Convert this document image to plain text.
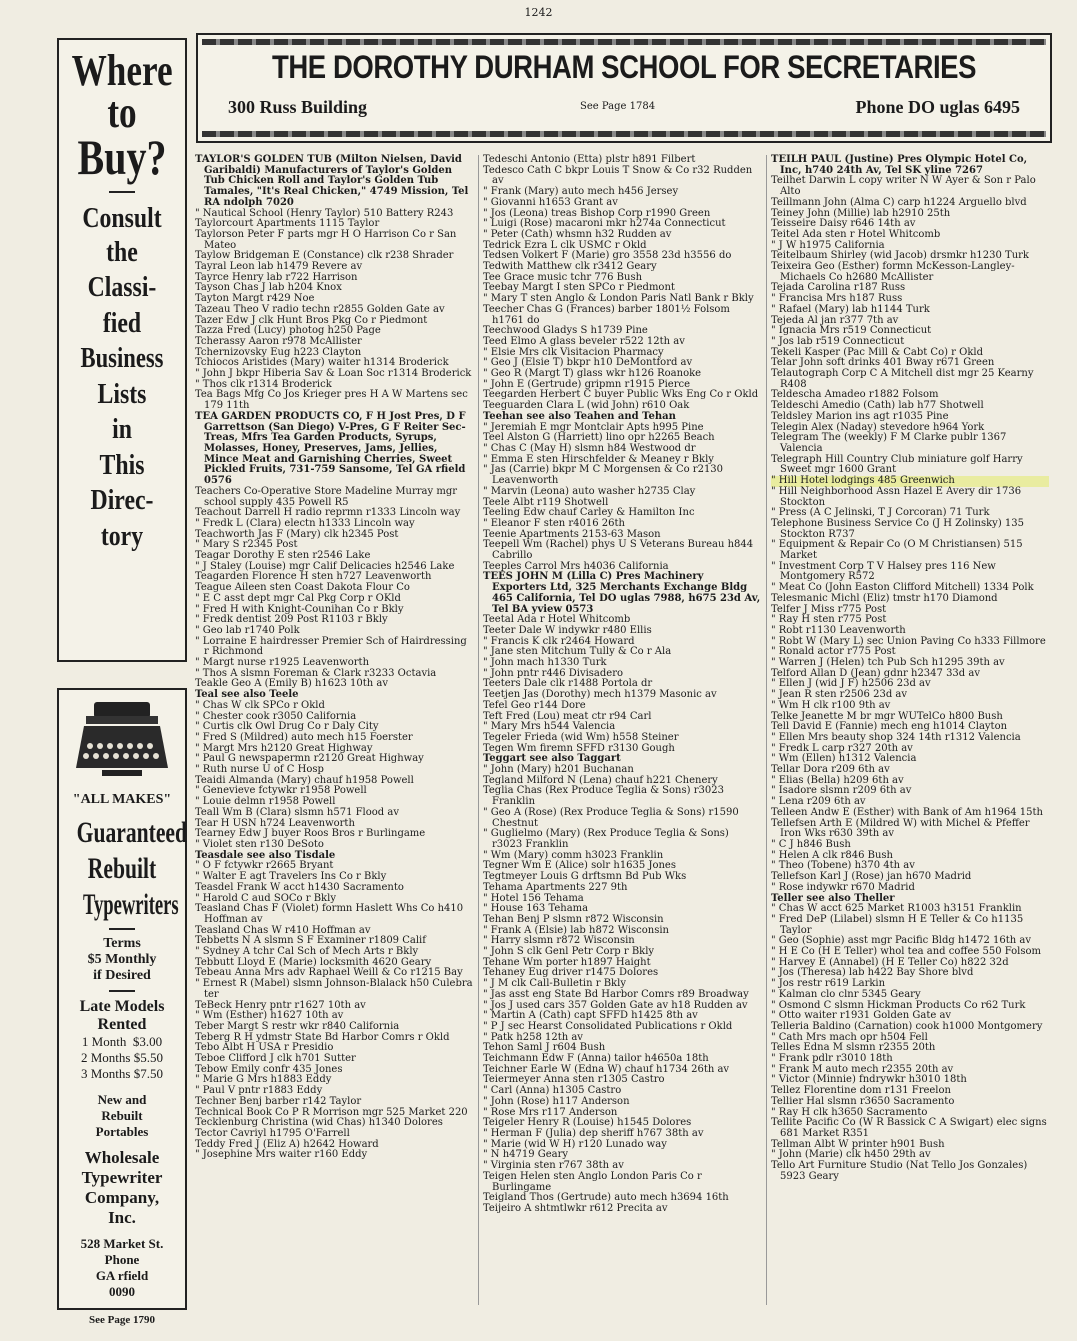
1242
Where
to
Buy?
Consult
the
Classi-
fied
Business
Lists
in
This
Direc-
tory
"ALL MAKES"
Guaranteed
Rebuilt
Typewriters
Terms
$5 Monthly
if Desired
Late Models
Rented
1 Month  $3.00
2 Months $5.50
3 Months $7.50
New and
Rebuilt
Portables
Wholesale
Typewriter
Company,
Inc.
528 Market St.
Phone
GA rfield
0090
See Page 1790
THE DOROTHY DURHAM SCHOOL FOR SECRETARIES
300 Russ Building	See Page 1784	Phone DO uglas 6495
TAYLOR'S GOLDEN TUB (Milton Nielsen, David Garibaldi) Manufacturers of Taylor's Golden Tub Chicken Roll and Taylor's Golden Tub Tamales, "It's Real Chicken," 4749 Mission, Tel RA ndolph 7020
" Nautical School (Henry Taylor) 510 Battery R243
Taylorcourt Apartments 1115 Taylor
Taylorson Peter F parts mgr H O Harrison Co r San Mateo
Taylow Bridgeman E (Constance) clk r238 Shrader
Tayral Leon lab h1479 Revere av
Tayrce Henry lab r722 Harrison
Tayson Chas J lab h204 Knox
Tayton Margt r429 Noe
Tazeau Theo V radio techn r2855 Golden Gate av
Tazer Edw J clk Hunt Bros Pkg Co r Piedmont
Tazza Fred (Lucy) photog h250 Page
Tcherassy Aaron r978 McAllister
Tchernizovsky Eug h223 Clayton
Tchiocos Aristides (Mary) waiter h1314 Broderick
" John J bkpr Hiberia Sav & Loan Soc r1314 Broderick
" Thos clk r1314 Broderick
Tea Bags Mfg Co Jos Krieger pres H A W Martens sec 179 11th
TEA GARDEN PRODUCTS CO, F H Jost Pres, D F Garrettson (San Diego) V-Pres, G F Reiter Sec-Treas, Mfrs Tea Garden Products, Syrups, Molasses, Honey, Preserves, Jams, Jellies, Mince Meat and Garnishing Cherries, Sweet Pickled Fruits, 731-759 Sansome, Tel GA rfield 0576
Teachers Co-Operative Store Madeline Murray mgr school supply 435 Powell R5
Teachout Darrell H radio reprmn r1333 Lincoln way
" Fredk L (Clara) electn h1333 Lincoln way
Teachworth Jas F (Mary) clk h2345 Post
" Mary S r2345 Post
Teagar Dorothy E sten r2546 Lake
" J Staley (Louise) mgr Calif Delicacies h2546 Lake
Teagarden Florence H sten h727 Leavenworth
Teague Aileen sten Coast Dakota Flour Co
" E C asst dept mgr Cal Pkg Corp r OKld
" Fred H with Knight-Counihan Co r Bkly
" Fredk dentist 209 Post R1103 r Bkly
" Geo lab r1740 Polk
" Lorraine E hairdresser Premier Sch of Hairdressing r Richmond
" Margt nurse r1925 Leavenworth
" Thos A slsmn Foreman & Clark r3233 Octavia
Teakle Geo A (Emily B) h1623 10th av
Teal see also Teele
" Chas W clk SPCo r Okld
" Chester cook r3050 California
" Curtis clk Owl Drug Co r Daly City
" Fred S (Mildred) auto mech h15 Foerster
" Margt Mrs h2120 Great Highway
" Paul G newspapermn r2120 Great Highway
" Ruth nurse U of C Hosp
Teaidi Almanda (Mary) chauf h1958 Powell
" Genevieve fctywkr r1958 Powell
" Louie delmn r1958 Powell
Teall Wm B (Clara) slsmn h571 Flood av
Tear H USN h724 Leavenworth
Tearney Edw J buyer Roos Bros r Burlingame
" Violet sten r130 DeSoto
Teasdale see also Tisdale
" O F fctywkr r2665 Bryant
" Walter E agt Travelers Ins Co r Bkly
Teasdel Frank W acct h1430 Sacramento
" Harold C aud SOCo r Bkly
Teasland Chas F (Violet) formn Haslett Whs Co h410 Hoffman av
Teasland Chas W r410 Hoffman av
Tebbetts N A slsmn S F Examiner r1809 Calif
" Sydney A tchr Cal Sch of Mech Arts r Bkly
Tebbutt Lloyd E (Marie) locksmith 4620 Geary
Tebeau Anna Mrs adv Raphael Weill & Co r1215 Bay
" Ernest R (Mabel) slsmn Johnson-Blalack h50 Culebra ter
TeBeck Henry pntr r1627 10th av
" Wm (Esther) h1627 10th av
Teber Margt S restr wkr r840 California
Teberg R H ydmstr State Bd Harbor Comrs r Okld
Tebo Albt H USA r Presidio
Teboe Clifford J clk h701 Sutter
Tebow Emily confr 435 Jones
" Marie G Mrs h1883 Eddy
" Paul V pntr r1883 Eddy
Techner Benj barber r142 Taylor
Technical Book Co P R Morrison mgr 525 Market 220
Tecklenburg Christina (wid Chas) h1340 Dolores
Tector Cavriyl h1795 O'Farrell
Teddy Fred J (Eliz A) h2642 Howard
" Josephine Mrs waiter r160 Eddy
Tedeschi Antonio (Etta) plstr h891 Filbert
Tedesco Cath C bkpr Louis T Snow & Co r32 Rudden av
" Frank (Mary) auto mech h456 Jersey
" Giovanni h1653 Grant av
" Jos (Leona) treas Bishop Corp r1990 Green
" Luigi (Rose) macaroni mkr h274a Connecticut
" Peter (Cath) whsmn h32 Rudden av
Tedrick Ezra L clk USMC r Okld
Tedsen Volkert F (Marie) gro 3558 23d h3556 do
Tedwith Matthew clk r3412 Geary
Tee Grace music tchr 776 Bush
Teebay Margt I sten SPCo r Piedmont
" Mary T sten Anglo & London Paris Natl Bank r Bkly
Teecher Chas G (Frances) barber 1801½ Folsom h1761 do
Teechwood Gladys S h1739 Pine
Teed Elmo A glass beveler r522 12th av
" Elsie Mrs clk Visitacion Pharmacy
" Geo J (Elsie T) bkpr h10 DeMontford av
" Geo R (Margt T) glass wkr h126 Roanoke
" John E (Gertrude) gripmn r1915 Pierce
Teegarden Herbert C buyer Public Wks Eng Co r Okld
Teeguarden Clara L (wid John) r610 Oak
Teehan see also Teahen and Tehan
" Jeremiah E mgr Montclair Apts h995 Pine
Teel Alston G (Harriett) lino opr h2265 Beach
" Chas C (May H) slsmn h84 Westwood dr
" Emma E sten Hirschfelder & Meaney r Bkly
" Jas (Carrie) bkpr M C Morgensen & Co r2130 Leavenworth
" Marvin (Leona) auto washer h2735 Clay
Teele Albt r119 Shotwell
Teeling Edw chauf Carley & Hamilton Inc
" Eleanor F sten r4016 26th
Teenie Apartments 2153-63 Mason
Teepell Wm (Rachel) phys U S Veterans Bureau h844 Cabrillo
Teeples Carrol Mrs h4036 California
TEES JOHN M (Lilla C) Pres Machinery Exporters Ltd, 325 Merchants Exchange Bldg 465 California, Tel DO uglas 7988, h675 23d Av, Tel BA yview 0573
Teetal Ada r Hotel Whitcomb
Teeter Dale W indywkr r480 Ellis
" Francis K clk r2464 Howard
" Jane sten Mitchum Tully & Co r Ala
" John mach h1330 Turk
" John pntr r446 Divisadero
Teeters Dale clk r1488 Portola dr
Teetjen Jas (Dorothy) mech h1379 Masonic av
Tefel Geo r144 Dore
Teft Fred (Lou) meat ctr r94 Carl
" Mary Mrs h544 Valencia
Tegeler Frieda (wid Wm) h558 Steiner
Tegen Wm firemn SFFD r3130 Gough
Teggart see also Taggart
" John (Mary) h201 Buchanan
Tegland Milford N (Lena) chauf h221 Chenery
Teglia Chas (Rex Produce Teglia & Sons) r3023 Franklin
" Geo A (Rose) (Rex Produce Teglia & Sons) r1590 Chestnut
" Guglielmo (Mary) (Rex Produce Teglia & Sons) r3023 Franklin
" Wm (Mary) comm h3023 Franklin
Tegner Wm E (Alice) solr h1635 Jones
Tegtmeyer Louis G drftsmn Bd Pub Wks
Tehama Apartments 227 9th
" Hotel 156 Tehama
" House 163 Tehama
Tehan Benj P slsmn r872 Wisconsin
" Frank A (Elsie) lab h872 Wisconsin
" Harry slsmn r872 Wisconsin
" John S clk Genl Petr Corp r Bkly
Tehane Wm porter h1897 Haight
Tehaney Eug driver r1475 Dolores
" J M clk Call-Bulletin r Bkly
" Jas asst eng State Bd Harbor Comrs r89 Broadway
" Jos J used cars 357 Golden Gate av h18 Rudden av
" Martin A (Cath) capt SFFD h1425 8th av
" P J sec Hearst Consolidated Publications r Okld
" Patk h258 12th av
Tehon Saml J r604 Bush
Teichmann Edw F (Anna) tailor h4650a 18th
Teichner Earle W (Edna W) chauf h1734 26th av
Teiermeyer Anna sten r1305 Castro
" Carl (Anna) h1305 Castro
" John (Rose) h117 Anderson
" Rose Mrs r117 Anderson
Teigeler Henry R (Louise) h1545 Dolores
" Herman F (Julia) dep sheriff h767 38th av
" Marie (wid W H) r120 Lunado way
" N h4719 Geary
" Virginia sten r767 38th av
Teigen Helen sten Anglo London Paris Co r Burlingame
Teigland Thos (Gertrude) auto mech h3694 16th
Teijeiro A shtmtlwkr r612 Precita av
TEILH PAUL (Justine) Pres Olympic Hotel Co, Inc, h740 24th Av, Tel SK yline 7267
Teilhet Darwin L copy writer N W Ayer & Son r Palo Alto
Teillmann John (Alma C) carp h1224 Arguello blvd
Teiney John (Millie) lab h2910 25th
Teisseire Daisy r646 14th av
Teitel Ada sten r Hotel Whitcomb
" J W h1975 California
Teitelbaum Shirley (wid Jacob) drsmkr h1230 Turk
Teixeira Geo (Esther) formn McKesson-Langley-Michaels Co h2680 McAllister
Tejada Carolina r187 Russ
" Francisa Mrs h187 Russ
" Rafael (Mary) lab h1144 Turk
Tejeda Al jan r377 7th av
" Ignacia Mrs r519 Connecticut
" Jos lab r519 Connecticut
Tekeli Kasper (Pac Mill & Cabt Co) r Okld
Telar John soft drinks 401 Bway r671 Green
Telautograph Corp C A Mitchell dist mgr 25 Kearny R408
Teldescha Amadeo r1882 Folsom
Teldeschi Amedio (Cath) lab h77 Shotwell
Teldsley Marion ins agt r1035 Pine
Telegin Alex (Naday) stevedore h964 York
Telegram The (weekly) F M Clarke publr 1367 Valencia
Telegraph Hill Country Club miniature golf Harry Sweet mgr 1600 Grant
" Hill Hotel lodgings 485 Greenwich
" Hill Neighborhood Assn Hazel E Avery dir 1736 Stockton
" Press (A C Jelinski, T J Corcoran) 71 Turk
Telephone Business Service Co (J H Zolinsky) 135 Stockton R737
" Equipment & Repair Co (O M Christiansen) 515 Market
" Investment Corp T V Halsey pres 116 New Montgomery R572
" Meat Co (John Easton Clifford Mitchell) 1334 Polk
Telesmanic Michl (Eliz) tmstr h170 Diamond
Telfer J Miss r775 Post
" Ray H sten r775 Post
" Robt r1130 Leavenworth
" Robt W (Mary L) sec Union Paving Co h333 Fillmore
" Ronald actor r775 Post
" Warren J (Helen) tch Pub Sch h1295 39th av
Telford Allan D (Jean) gdnr h2347 33d av
" Ellen J (wid J F) h2506 23d av
" Jean R sten r2506 23d av
" Wm H clk r100 9th av
Telke Jeanette M br mgr WUTelCo h800 Bush
Tell David E (Fannie) mech eng h1014 Clayton
" Ellen Mrs beauty shop 324 14th r1312 Valencia
" Fredk L carp r327 20th av
" Wm (Ellen) h1312 Valencia
Tellar Dora r209 6th av
" Elias (Bella) h209 6th av
" Isadore slsmn r209 6th av
" Lena r209 6th av
Telleen Andw E (Esther) with Bank of Am h1964 15th
Tellefsen Arth E (Mildred W) with Michel & Pfeffer Iron Wks r630 39th av
" C J h846 Bush
" Helen A clk r846 Bush
" Theo (Tobene) h370 4th av
Tellefson Karl J (Rose) jan h670 Madrid
" Rose indywkr r670 Madrid
Teller see also Theller
" Chas W acct 625 Market R1003 h3151 Franklin
" Fred DeP (Lilabel) slsmn H E Teller & Co h1135 Taylor
" Geo (Sophie) asst mgr Pacific Bldg h1472 16th av
" H E Co (H E Teller) whol tea and coffee 550 Folsom
" Harvey E (Annabel) (H E Teller Co) h822 32d
" Jos (Theresa) lab h422 Bay Shore blvd
" Jos restr r619 Larkin
" Kalman clo clnr 5345 Geary
" Osmond C slsmn Hickman Products Co r62 Turk
" Otto waiter r1931 Golden Gate av
Telleria Baldino (Carnation) cook h1000 Montgomery
" Cath Mrs mach opr h504 Fell
Telles Edna M slsmn r2355 20th
" Frank pdlr r3010 18th
" Frank M auto mech r2355 20th av
" Victor (Minnie) fndrywkr h3010 18th
Tellez Florentine dom r131 Freelon
Tellier Hal slsmn r3650 Sacramento
" Ray H clk h3650 Sacramento
Tellite Pacific Co (W R Bassick C A Swigart) elec signs 681 Market R351
Tellman Albt W printer h901 Bush
" John (Marie) clk h450 29th av
Tello Art Furniture Studio (Nat Tello Jos Gonzales) 5923 Geary
